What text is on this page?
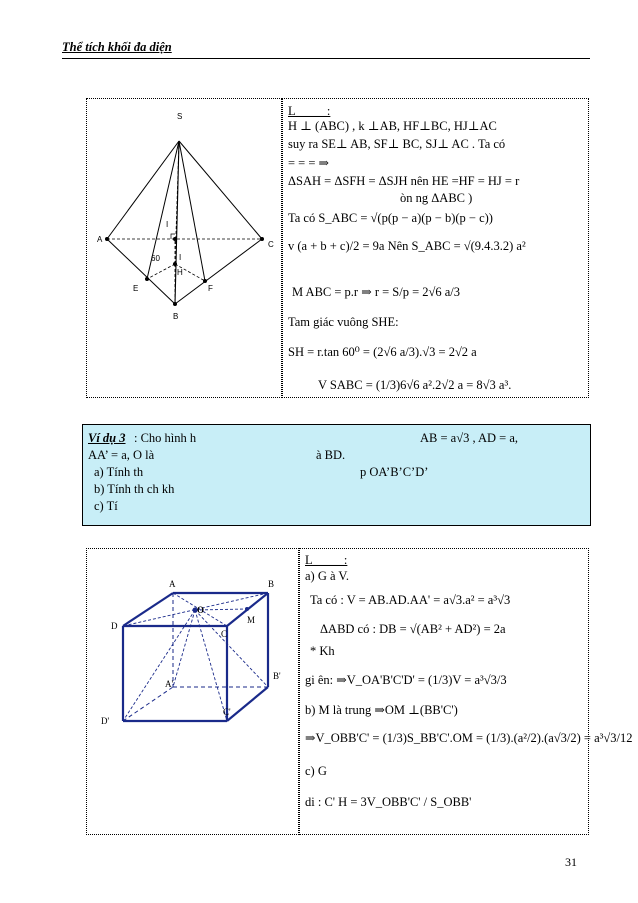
Thể tích khối đa diện
S
A
C
E	F
B
H
I
I
60
L_____:
H ⊥ (ABC) , k ⊥AB, HF⊥BC, HJ⊥AC
suy ra SE⊥ AB, SF⊥ BC, SJ⊥ AC . Ta có
= = = ⇒
ΔSAH = ΔSFH = ΔSJH nên HE =HF = HJ = r
òn ng ΔABC )
Ta có S_ABC = √(p(p − a)(p − b)(p − c))
v (a + b + c)/2 = 9a Nên S_ABC = √(9.4.3.2) a²
M ABC = p.r ⇒ r = S/p = 2√6 a/3
Tam giác vuông SHE:
SH = r.tan 60⁰ = (2√6 a/3).√3 = 2√2 a
V SABC = (1/3)6√6 a².2√2 a = 8√3 a³.
Ví dụ 3 : Cho hình h	AB = a√3 , AD = a,
AA’ = a, O là	à BD.
a) Tính th	p OA’B’C’D’
b) Tính th ch kh
c) Tí
A	B
D
C
O
M
A'
B'
D'
C'
L_____:
a) G à V.
Ta có : V = AB.AD.AA' = a√3.a² = a³√3
ΔABD có : DB = √(AB² + AD²) = 2a
* Kh
gi ên: ⇒V_OA'B'C'D' = (1/3)V = a³√3/3
b) M là trung ⇒OM ⊥(BB'C')
⇒V_OBB'C' = (1/3)S_BB'C'.OM = (1/3).(a²/2).(a√3/2) = a³√3/12
c) G
di : C' H = 3V_OBB'C' / S_OBB'
31
